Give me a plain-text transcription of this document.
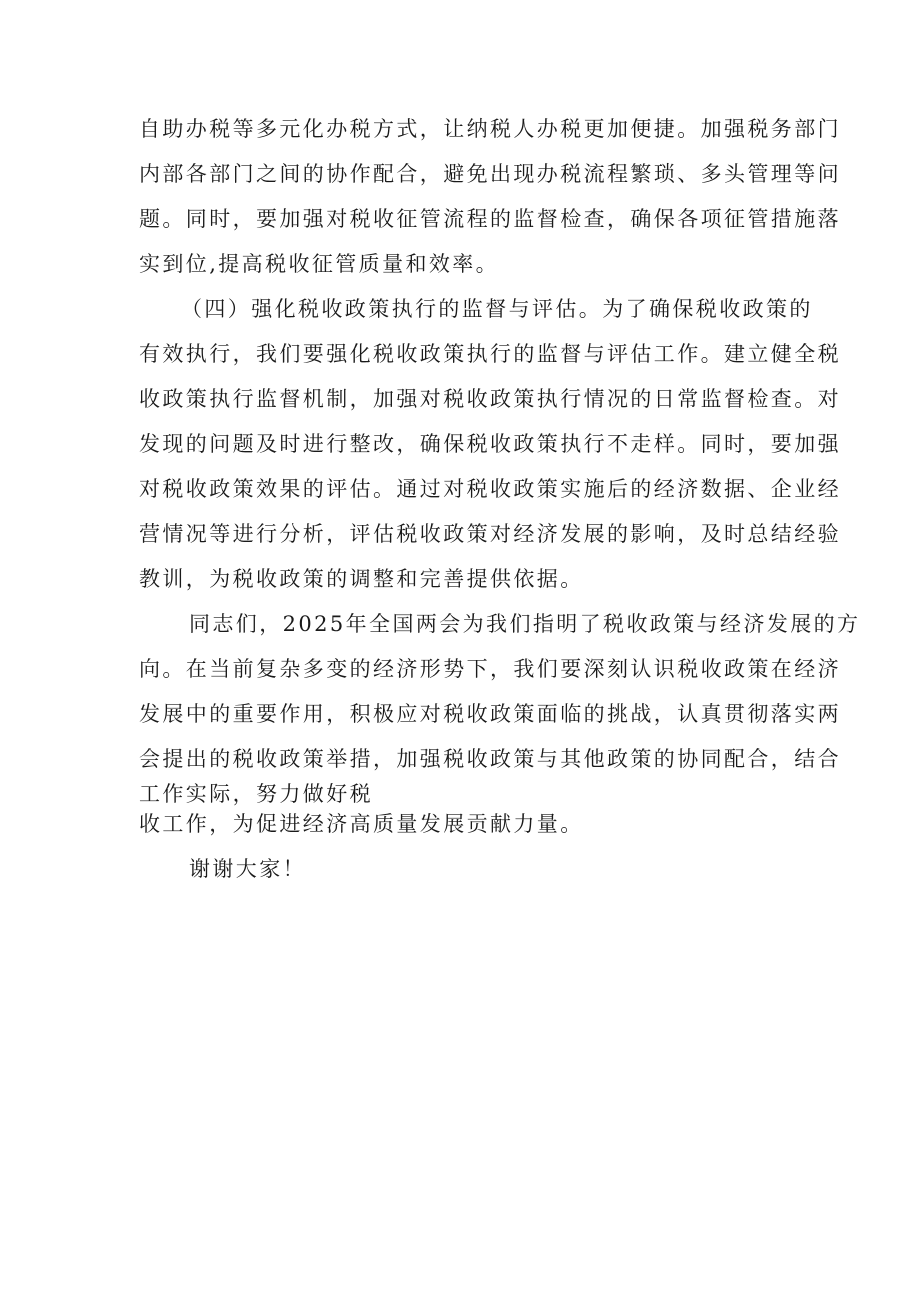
自助办税等多元化办税方式，让纳税人办税更加便捷。加强税务部门
内部各部门之间的协作配合，避免出现办税流程繁琐、多头管理等问
题。同时，要加强对税收征管流程的监督检查，确保各项征管措施落
实到位,提高税收征管质量和效率。
（四）强化税收政策执行的监督与评估。为了确保税收政策的
有效执行，我们要强化税收政策执行的监督与评估工作。建立健全税
收政策执行监督机制，加强对税收政策执行情况的日常监督检查。对
发现的问题及时进行整改，确保税收政策执行不走样。同时，要加强
对税收政策效果的评估。通过对税收政策实施后的经济数据、企业经
营情况等进行分析，评估税收政策对经济发展的影响，及时总结经验
教训，为税收政策的调整和完善提供依据。
同志们，2025年全国两会为我们指明了税收政策与经济发展的方
向。在当前复杂多变的经济形势下，我们要深刻认识税收政策在经济
发展中的重要作用，积极应对税收政策面临的挑战，认真贯彻落实两
会提出的税收政策举措，加强税收政策与其他政策的协同配合，结合
工作实际，努力做好税
收工作，为促进经济高质量发展贡献力量。
谢谢大家！
